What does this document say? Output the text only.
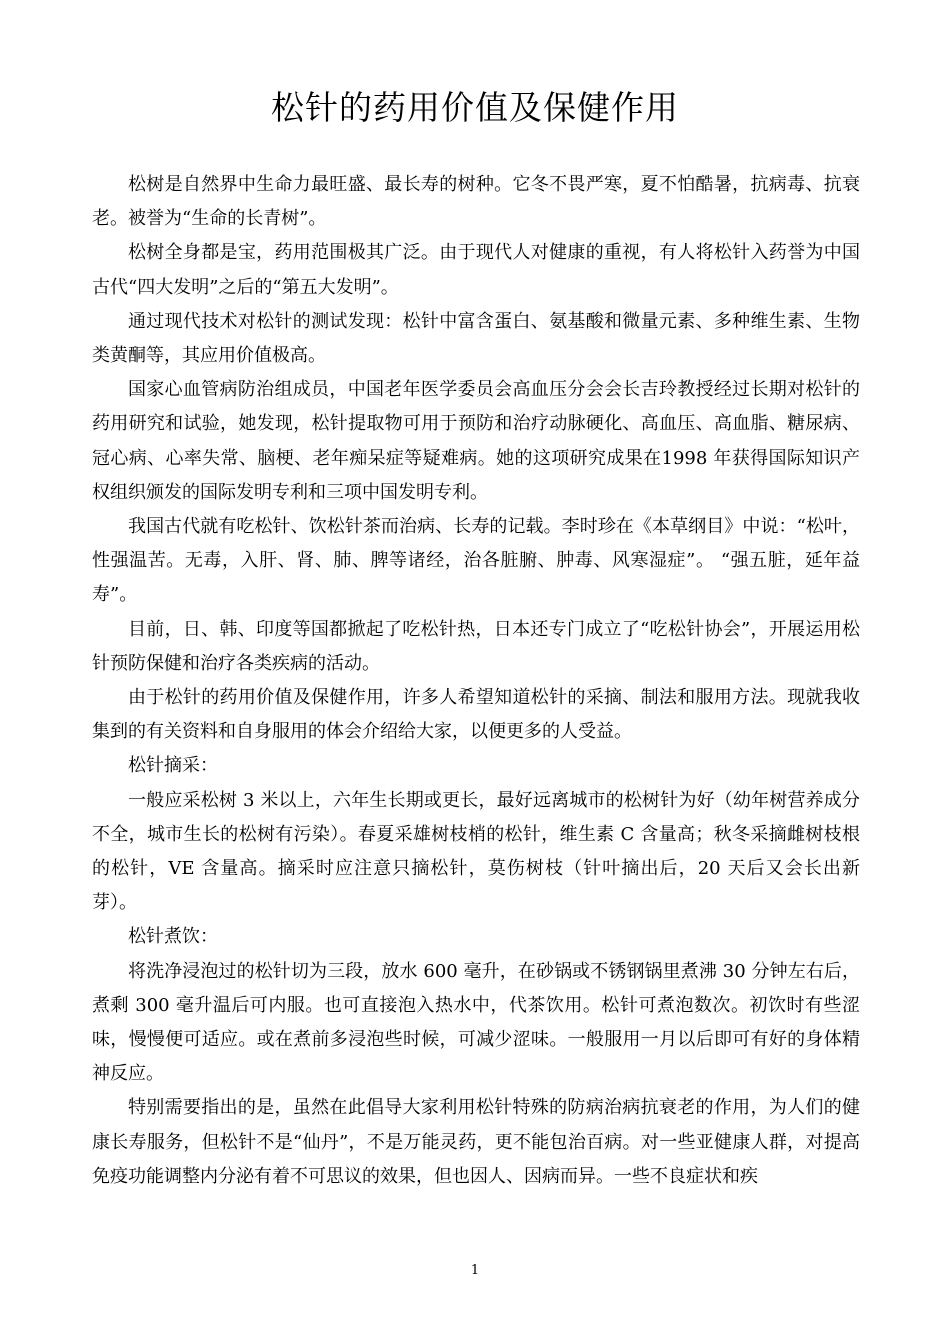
松针的药用价值及保健作用

松树是自然界中生命力最旺盛、最长寿的树种。它冬不畏严寒，夏不怕酷暑，抗病毒、抗衰老。被誉为“生命的长青树”。

松树全身都是宝，药用范围极其广泛。由于现代人对健康的重视，有人将松针入药誉为中国古代“四大发明”之后的“第五大发明”。

通过现代技术对松针的测试发现：松针中富含蛋白、氨基酸和微量元素、多种维生素、生物类黄酮等，其应用价值极高。

国家心血管病防治组成员，中国老年医学委员会高血压分会会长吉玲教授经过长期对松针的药用研究和试验，她发现，松针提取物可用于预防和治疗动脉硬化、高血压、高血脂、糖尿病、冠心病、心率失常、脑梗、老年痴呆症等疑难病。她的这项研究成果在1998 年获得国际知识产权组织颁发的国际发明专利和三项中国发明专利。

我国古代就有吃松针、饮松针茶而治病、长寿的记载。李时珍在《本草纲目》中说：“松叶，性强温苦。无毒，入肝、肾、肺、脾等诸经，治各脏腑、肿毒、风寒湿症”。 “强五脏，延年益寿”。

目前，日、韩、印度等国都掀起了吃松针热，日本还专门成立了“吃松针协会”，开展运用松针预防保健和治疗各类疾病的活动。

由于松针的药用价值及保健作用，许多人希望知道松针的采摘、制法和服用方法。现就我收集到的有关资料和自身服用的体会介绍给大家，以便更多的人受益。

松针摘采：

一般应采松树 3 米以上，六年生长期或更长，最好远离城市的松树针为好（幼年树营养成分不全，城市生长的松树有污染）。春夏采雄树枝梢的松针，维生素 C 含量高；秋冬采摘雌树枝根的松针，VE 含量高。摘采时应注意只摘松针，莫伤树枝（针叶摘出后，20 天后又会长出新芽）。

松针煮饮：

将洗净浸泡过的松针切为三段，放水 600 毫升，在砂锅或不锈钢锅里煮沸 30 分钟左右后，煮剩 300 毫升温后可内服。也可直接泡入热水中，代茶饮用。松针可煮泡数次。初饮时有些涩味，慢慢便可适应。或在煮前多浸泡些时候，可减少涩味。一般服用一月以后即可有好的身体精神反应。

特别需要指出的是，虽然在此倡导大家利用松针特殊的防病治病抗衰老的作用，为人们的健康长寿服务，但松针不是“仙丹”，不是万能灵药，更不能包治百病。对一些亚健康人群，对提高免疫功能调整内分泌有着不可思议的效果，但也因人、因病而异。一些不良症状和疾

1
